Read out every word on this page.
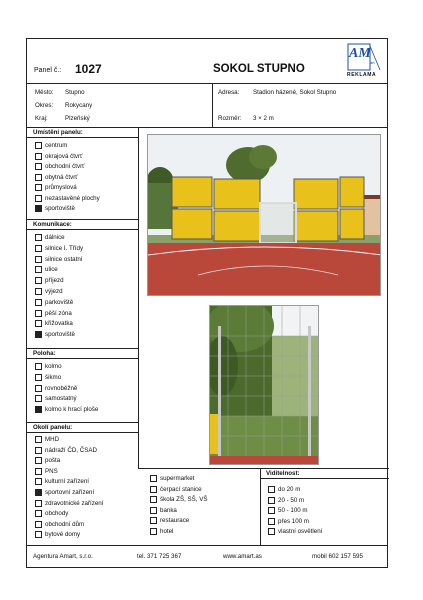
Panel č.: 1027	SOKOL STUPNO
AM
art
REKLAMA
Město: Stupno
Okres: Rokycany
Kraj:	Plzeňský
Adresa: Stadion házené, Sokol Stupno
Rozměr: 3 × 2 m
Umístění panelu:
centrum
okrajová čtvrť
obchodní čtvrť
obytná čtvrť
průmyslová
nezastavěné plochy
sportoviště
Komunikace:
dálnice
silnice I. Třídy
silnice ostatní
ulice
příjezd
výjezd
parkoviště
pěší zóna
křižovatka
sportoviště
Poloha:
kolmo
šikmo
rovnoběžně
samostatný
kolmo k hrací ploše
Okolí panelu:
MHD
nádraží ČD, ČSAD
pošta
PNS
kulturní zařízení
sportovní zařízení
zdravotnické zařízení
obchody
obchodní dům
bytové domy
supermarket
čerpací stanice
škola ZŠ, SŠ, VŠ
banka
restaurace
hotel
Viditelnost:
do 20 m
20 - 50 m
50 - 100 m
přes 100 m
vlastní osvětlení
Agentura Amart, s.r.o.	tel. 371 725 367	www.amart.as	mobil 602 157 595
